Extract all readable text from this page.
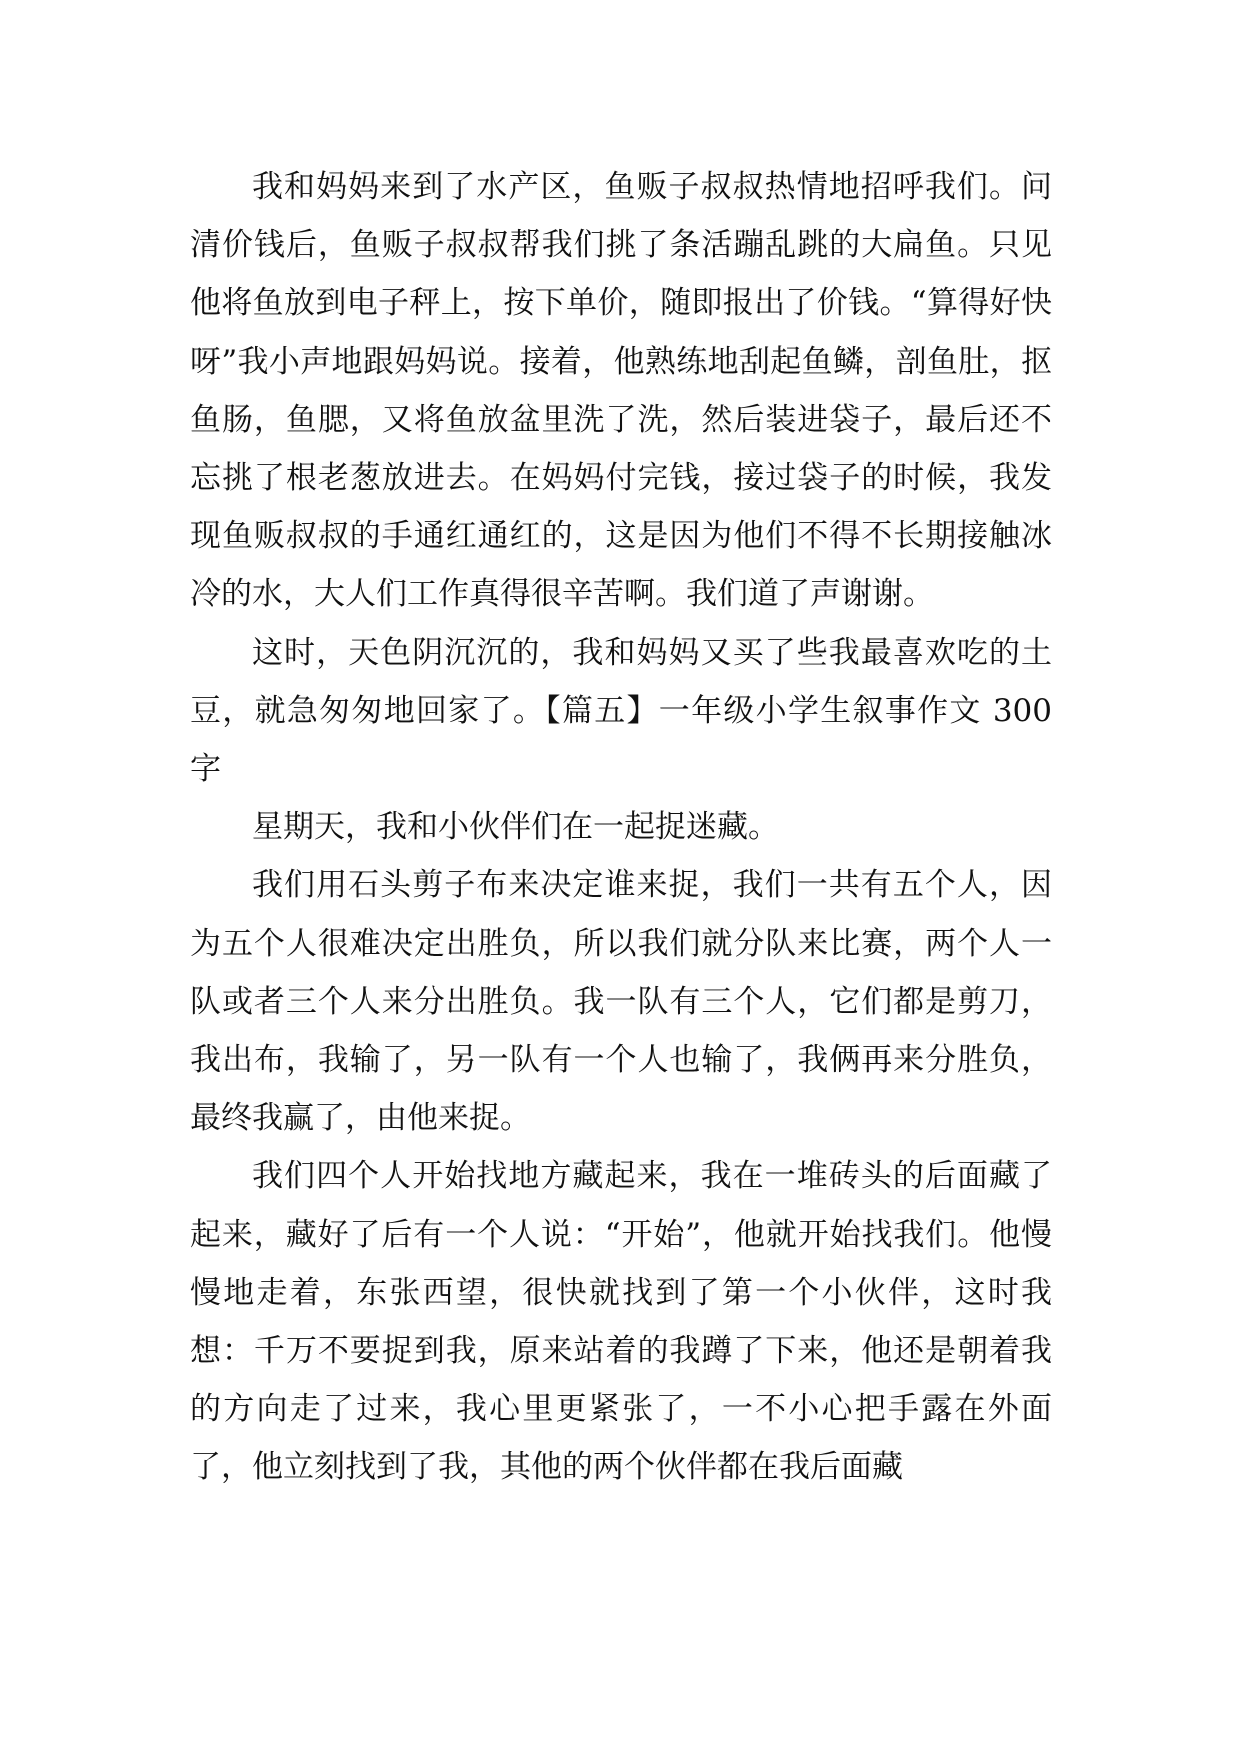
我和妈妈来到了水产区，鱼贩子叔叔热情地招呼我们。问清价钱后，鱼贩子叔叔帮我们挑了条活蹦乱跳的大扁鱼。只见他将鱼放到电子秤上，按下单价，随即报出了价钱。“算得好快呀”我小声地跟妈妈说。接着，他熟练地刮起鱼鳞，剖鱼肚，抠鱼肠，鱼腮，又将鱼放盆里洗了洗，然后装进袋子，最后还不忘挑了根老葱放进去。在妈妈付完钱，接过袋子的时候，我发现鱼贩叔叔的手通红通红的，这是因为他们不得不长期接触冰冷的水，大人们工作真得很辛苦啊。我们道了声谢谢。

这时，天色阴沉沉的，我和妈妈又买了些我最喜欢吃的土豆，就急匆匆地回家了。【篇五】一年级小学生叙事作文 300 字

星期天，我和小伙伴们在一起捉迷藏。

我们用石头剪子布来决定谁来捉，我们一共有五个人，因为五个人很难决定出胜负，所以我们就分队来比赛，两个人一队或者三个人来分出胜负。我一队有三个人，它们都是剪刀，我出布，我输了，另一队有一个人也输了，我俩再来分胜负，最终我赢了，由他来捉。

我们四个人开始找地方藏起来，我在一堆砖头的后面藏了起来，藏好了后有一个人说：“开始”，他就开始找我们。他慢慢地走着，东张西望，很快就找到了第一个小伙伴，这时我想：千万不要捉到我，原来站着的我蹲了下来，他还是朝着我的方向走了过来，我心里更紧张了，一不小心把手露在外面了，他立刻找到了我，其他的两个伙伴都在我后面藏
